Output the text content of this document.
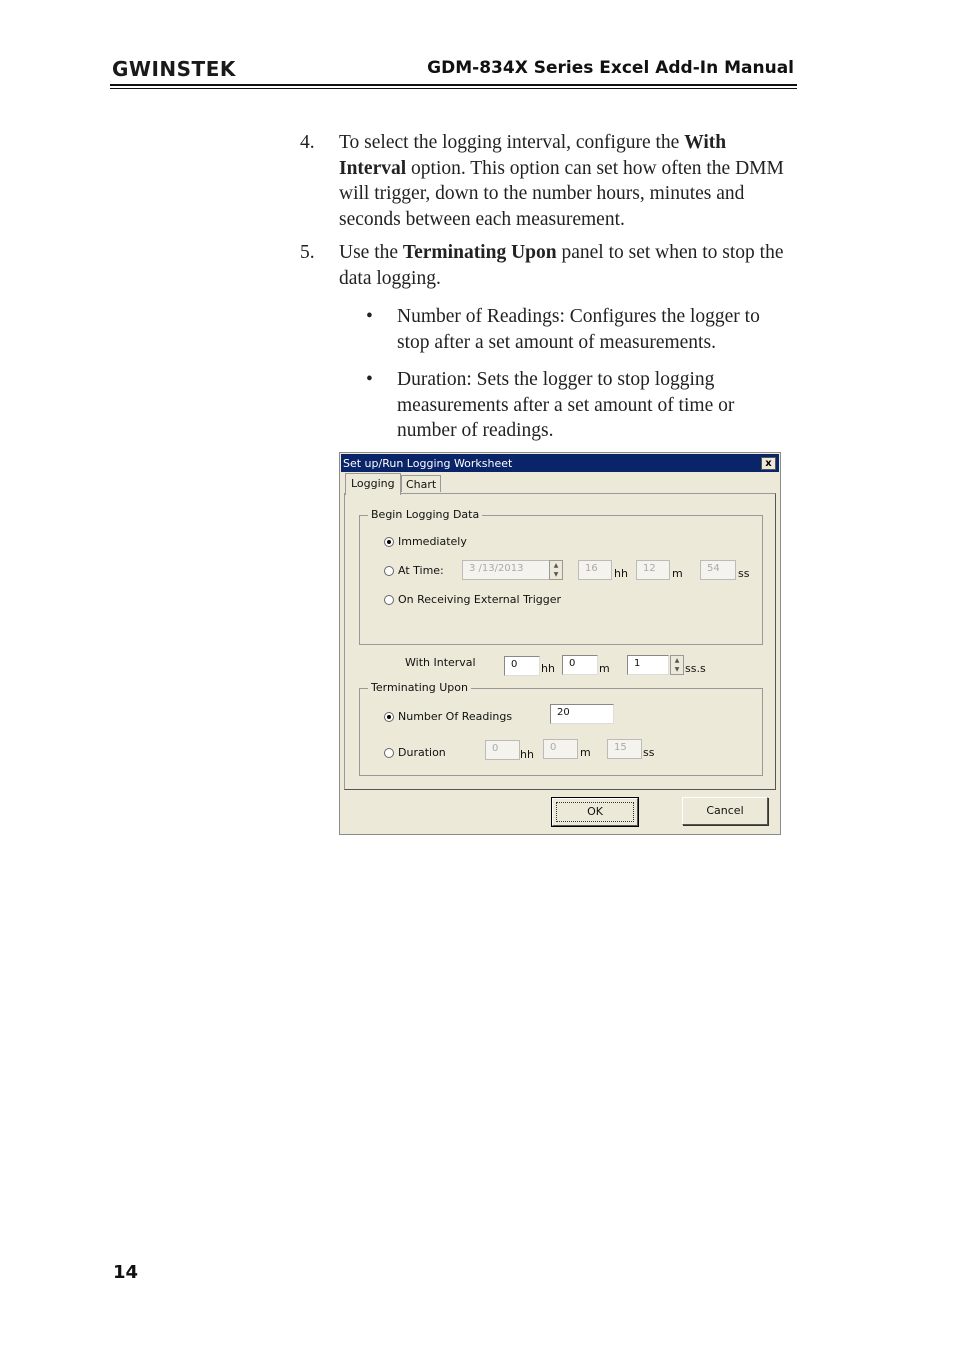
GWINSTEK	GDM-834X Series Excel Add-In Manual
4. To select the logging interval, configure the With Interval option. This option can set how often the DMM will trigger, down to the number hours, minutes and seconds between each measurement.
5. Use the Terminating Upon panel to set when to stop the data logging.
• Number of Readings: Configures the logger to stop after a set amount of measurements.
• Duration: Sets the logger to stop logging measurements after a set amount of time or number of readings.
Set up/Run Logging Worksheet	x
Logging	Chart
Begin Logging Data
Immediately
At Time:	3 /13/2013	▲
▼
16	hh	12	m	54	ss
On Receiving External Trigger
With Interval	0	hh	0	m	1	▲
▼ ss.s
Terminating Upon
Number Of Readings	20
Duration	0	hh
0	m	15	ss
OK	Cancel
14
